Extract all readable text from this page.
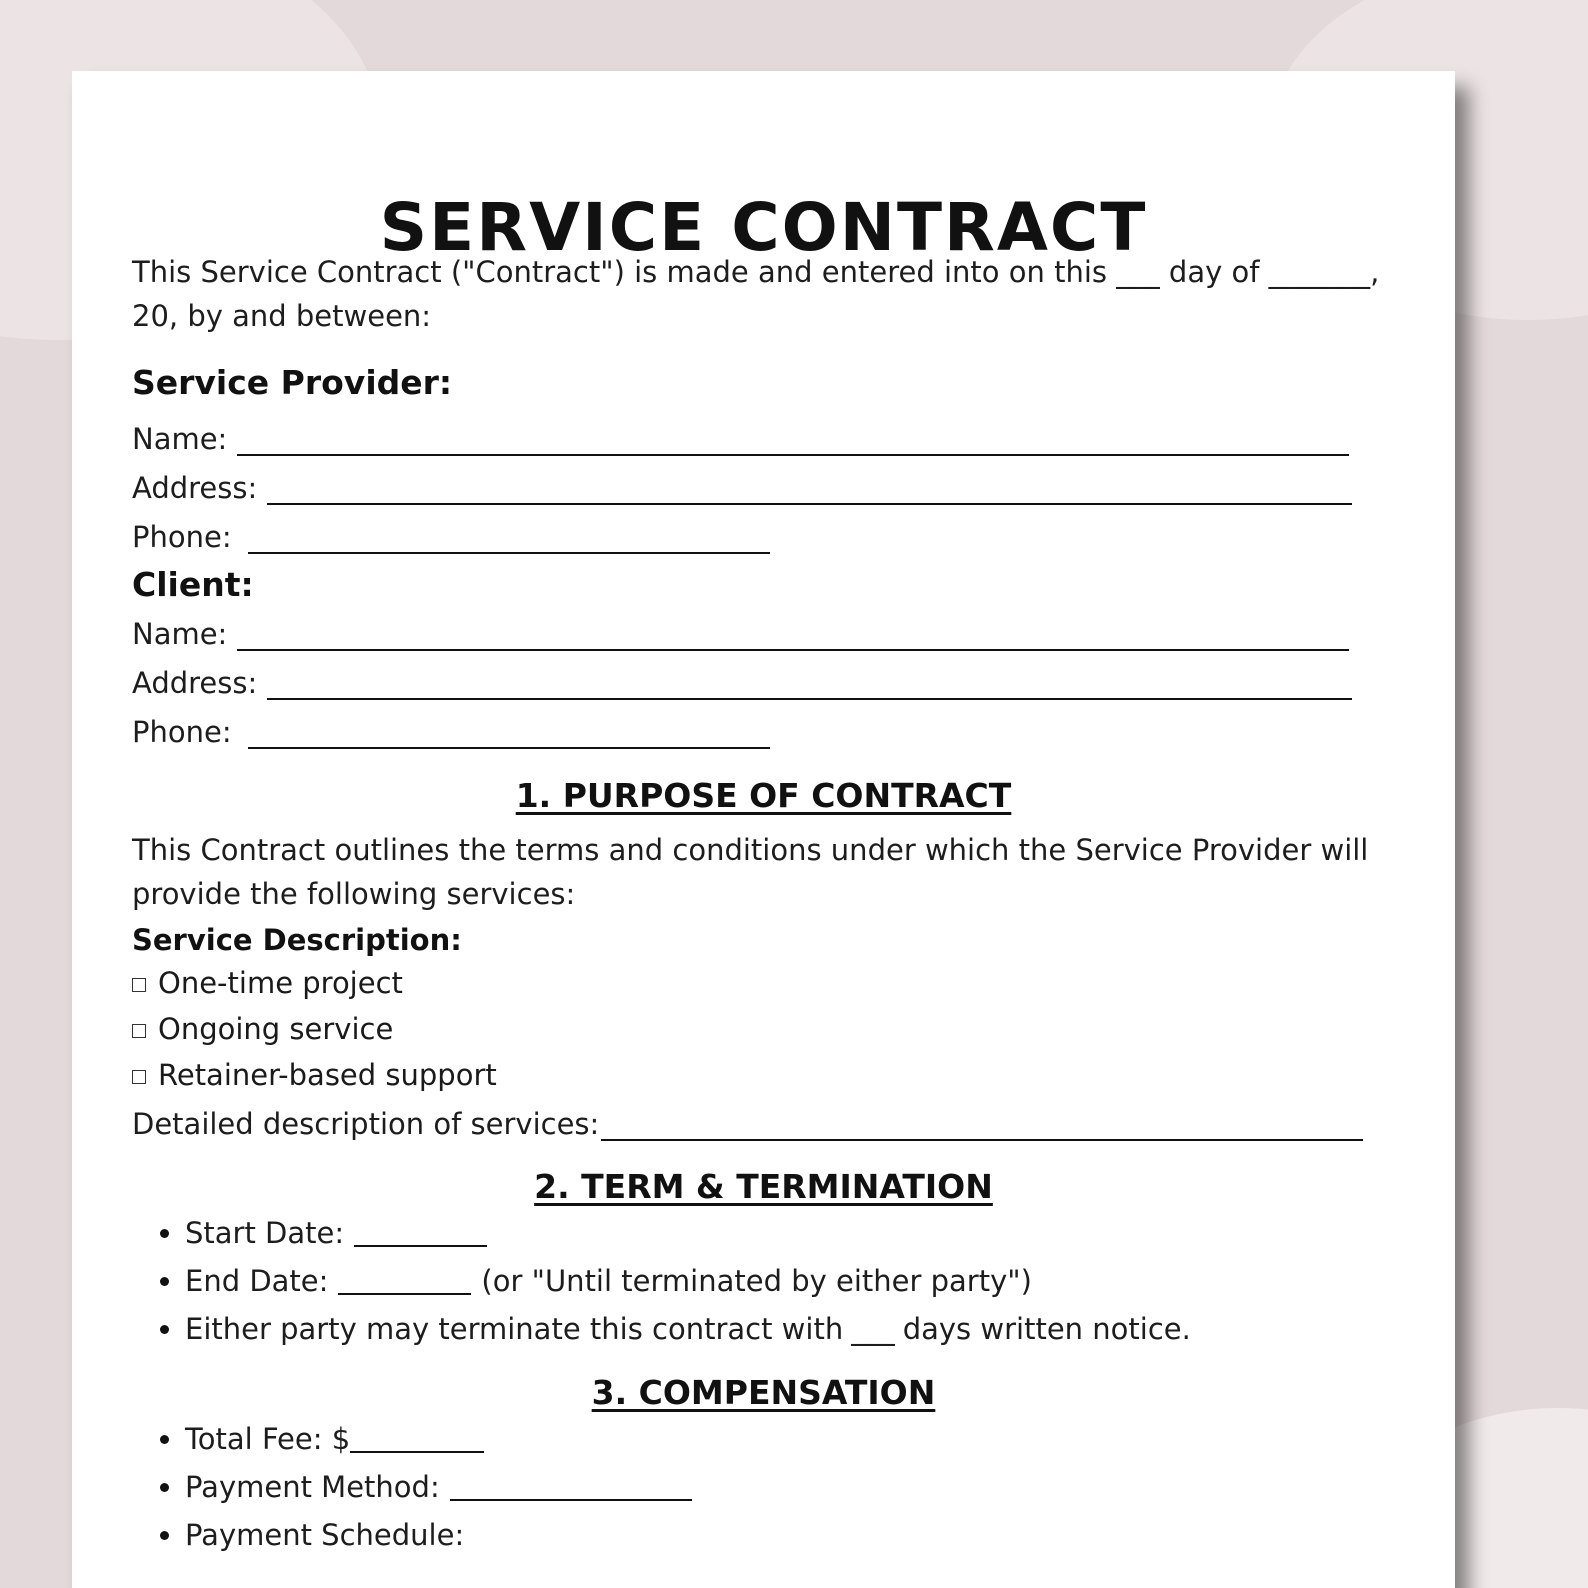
SERVICE CONTRACT
This Service Contract ("Contract") is made and entered into on this ___ day of _______,
20, by and between:
Service Provider:
Name:
Address:
Phone:
Client:
Name:
Address:
Phone:
1. PURPOSE OF CONTRACT
This Contract outlines the terms and conditions under which the Service Provider will
provide the following services:
Service Description:
One-time project
Ongoing service
Retainer-based support
Detailed description of services:
2. TERM & TERMINATION
Start Date:
End Date:	(or "Until terminated by either party")
Either party may terminate this contract with ___ days written notice.
3. COMPENSATION
Total Fee: $
Payment Method:
Payment Schedule:
